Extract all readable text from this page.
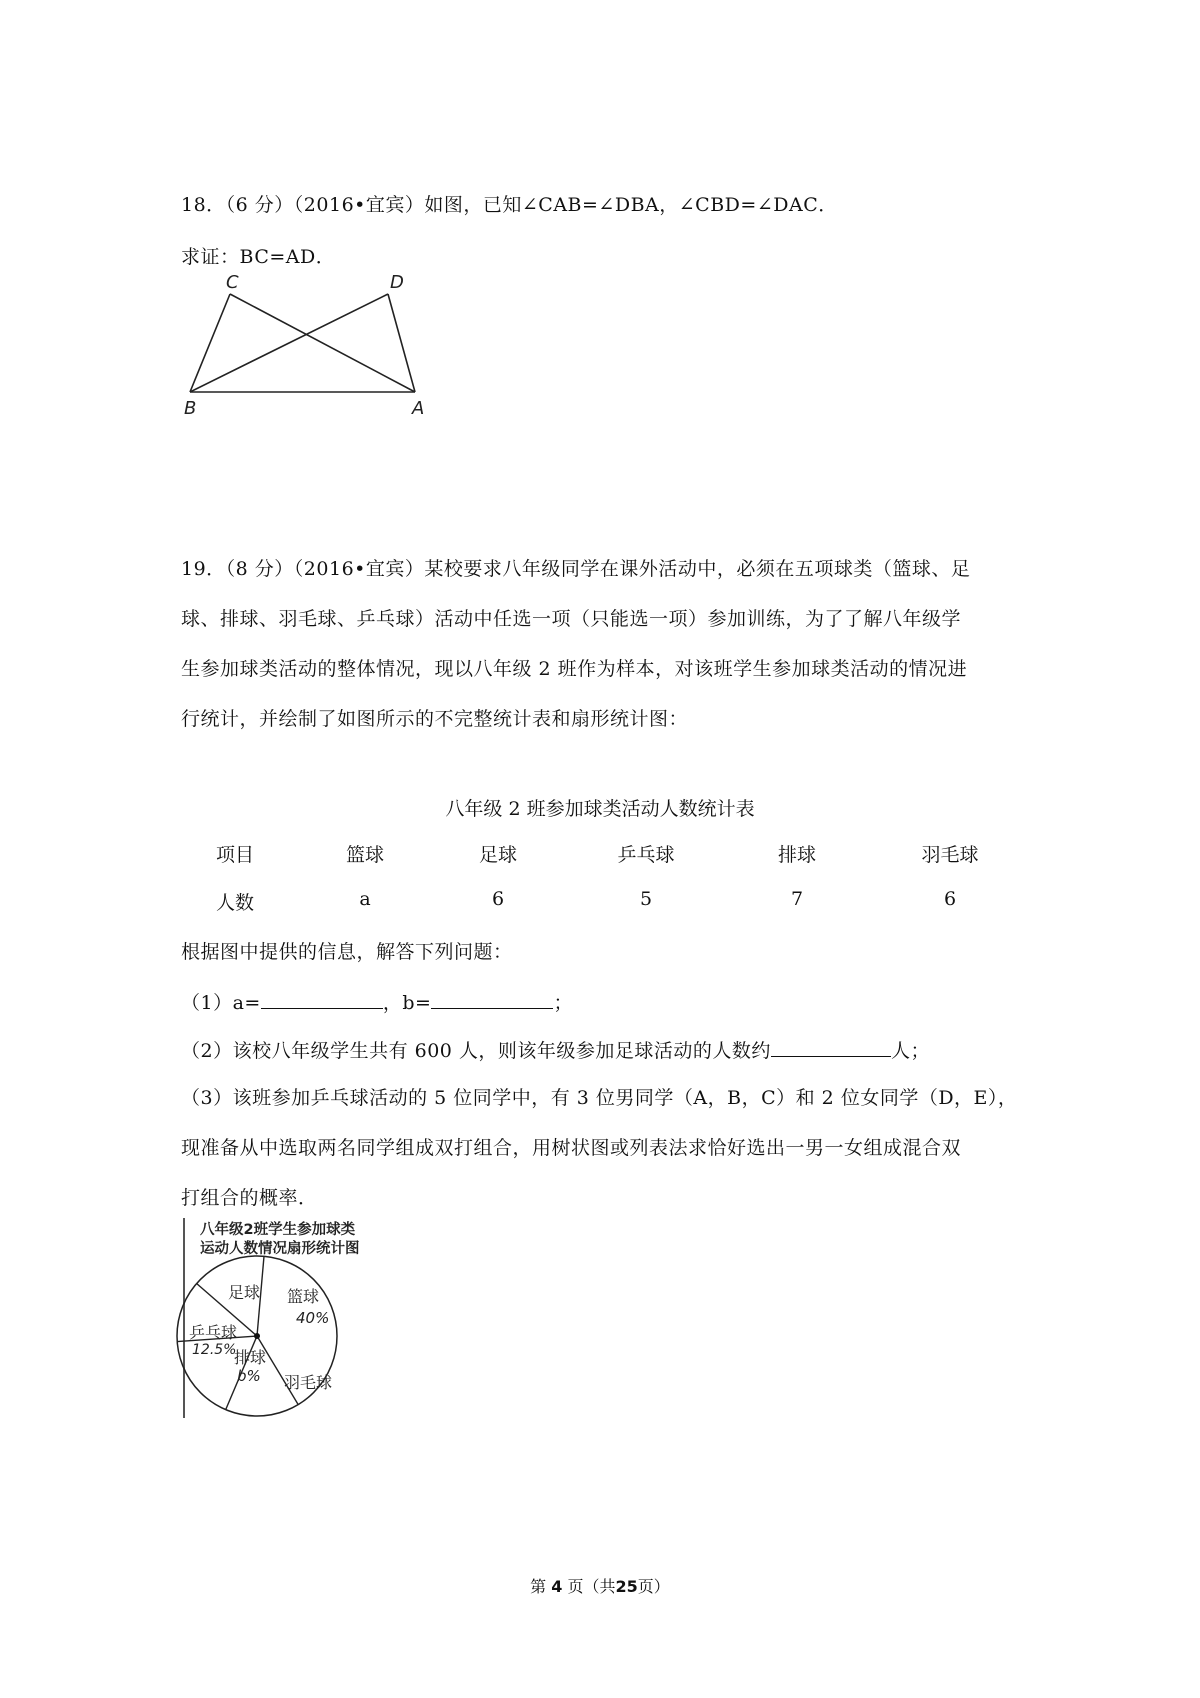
18．（6 分）（2016•宜宾）如图，已知∠CAB=∠DBA，∠CBD=∠DAC．
求证：BC=AD．
C	D
B	A
19．（8 分）（2016•宜宾）某校要求八年级同学在课外活动中，必须在五项球类（篮球、足
球、排球、羽毛球、乒乓球）活动中任选一项（只能选一项）参加训练，为了了解八年级学
生参加球类活动的整体情况，现以八年级 2 班作为样本，对该班学生参加球类活动的情况进
行统计，并绘制了如图所示的不完整统计表和扇形统计图：
八年级 2 班参加球类活动人数统计表
项目	篮球	足球	乒乓球	排球	羽毛球
人数	a	6	5	7	6
根据图中提供的信息，解答下列问题：
（1）a=	，b=	；
（2）该校八年级学生共有 600 人，则该年级参加足球活动的人数约	人；
（3）该班参加乒乓球活动的 5 位同学中，有 3 位男同学（A，B，C）和 2 位女同学（D，E），
现准备从中选取两名同学组成双打组合，用树状图或列表法求恰好选出一男一女组成混合双
打组合的概率．
八年级2班学生参加球类
运动人数情况扇形统计图
篮球
40%
羽毛球
排球
b%
乒乓球
12.5%
足球
第 4 页（共25页）
